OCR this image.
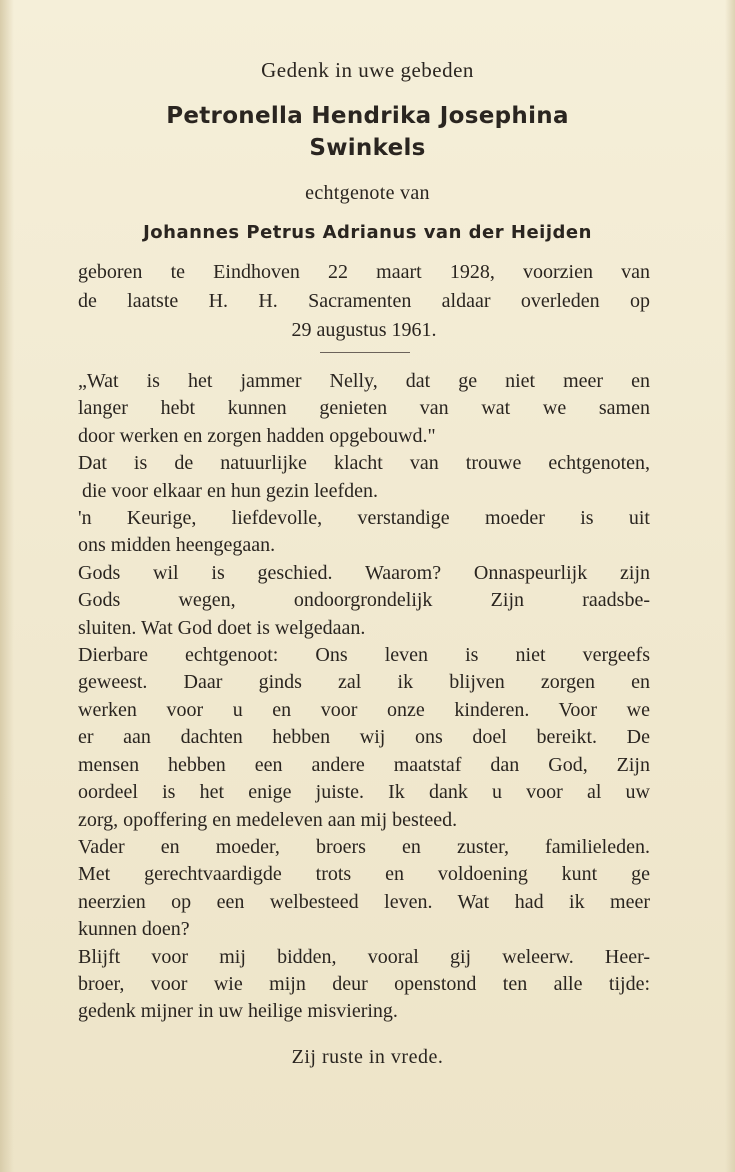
Gedenk in uwe gebeden
Petronella Hendrika Josephina
Swinkels
echtgenote van
Johannes Petrus Adrianus van der Heijden
geboren te Eindhoven 22 maart 1928, voorzien van
de laatste H. H. Sacramenten aldaar overleden op
29 augustus 1961.
„Wat is het jammer Nelly, dat ge niet meer en
langer hebt kunnen genieten van wat we samen
door werken en zorgen hadden opgebouwd."
Dat is de natuurlijke klacht van trouwe echtgenoten,
die voor elkaar en hun gezin leefden.
'n Keurige, liefdevolle, verstandige moeder is uit
ons midden heengegaan.
Gods wil is geschied. Waarom? Onnaspeurlijk zijn
Gods wegen, ondoorgrondelijk Zijn raadsbe-
sluiten. Wat God doet is welgedaan.
Dierbare echtgenoot: Ons leven is niet vergeefs
geweest. Daar ginds zal ik blijven zorgen en
werken voor u en voor onze kinderen. Voor we
er aan dachten hebben wij ons doel bereikt. De
mensen hebben een andere maatstaf dan God, Zijn
oordeel is het enige juiste. Ik dank u voor al uw
zorg, opoffering en medeleven aan mij besteed.
Vader en moeder, broers en zuster, familieleden.
Met gerechtvaardigde trots en voldoening kunt ge
neerzien op een welbesteed leven. Wat had ik meer
kunnen doen?
Blijft voor mij bidden, vooral gij weleerw. Heer-
broer, voor wie mijn deur openstond ten alle tijde:
gedenk mijner in uw heilige misviering.
Zij ruste in vrede.
